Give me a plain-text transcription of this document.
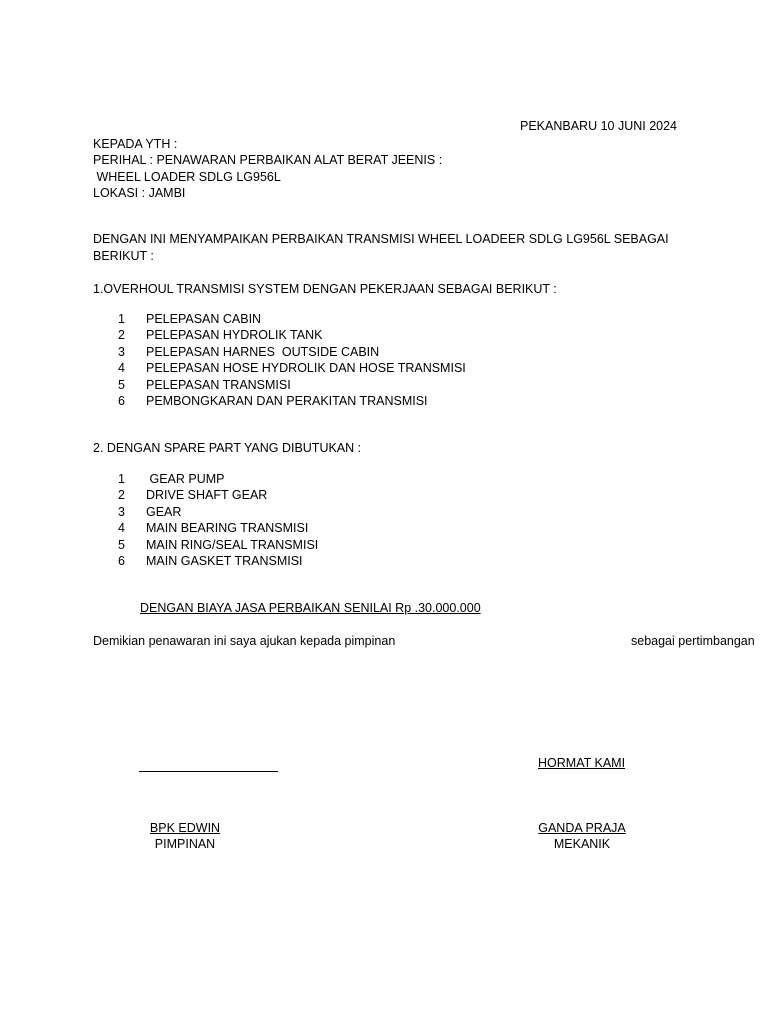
PEKANBARU 10 JUNI 2024
KEPADA YTH :
PERIHAL : PENAWARAN PERBAIKAN ALAT BERAT JEENIS :
WHEEL LOADER SDLG LG956L
LOKASI : JAMBI
DENGAN INI MENYAMPAIKAN PERBAIKAN TRANSMISI WHEEL LOADEER SDLG LG956L SEBAGAI
BERIKUT :
1.OVERHOUL TRANSMISI SYSTEM DENGAN PEKERJAAN SEBAGAI BERIKUT :
1	PELEPASAN CABIN
2	PELEPASAN HYDROLIK TANK
3	PELEPASAN HARNES  OUTSIDE CABIN
4	PELEPASAN HOSE HYDROLIK DAN HOSE TRANSMISI
5	PELEPASAN TRANSMISI
6	PEMBONGKARAN DAN PERAKITAN TRANSMISI
2. DENGAN SPARE PART YANG DIBUTUKAN :
1	GEAR PUMP
2	DRIVE SHAFT GEAR
3	GEAR
4	MAIN BEARING TRANSMISI
5	MAIN RING/SEAL TRANSMISI
6	MAIN GASKET TRANSMISI
DENGAN BIAYA JASA PERBAIKAN SENILAI Rp .30.000.000
Demikian penawaran ini saya ajukan kepada pimpinan	sebagai pertimbangan
HORMAT KAMI
BPK EDWIN
PIMPINAN
GANDA PRAJA
MEKANIK
